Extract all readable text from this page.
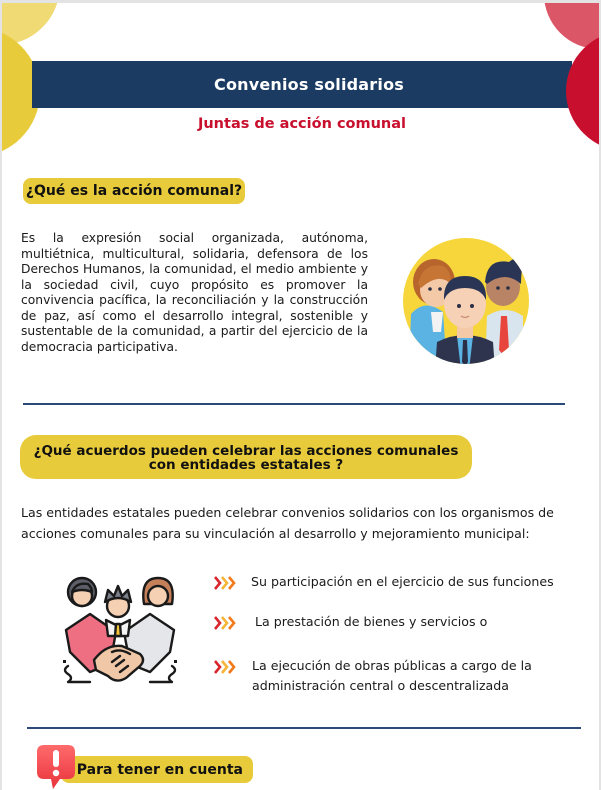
Convenios solidarios
Juntas de acción comunal
¿Qué es la acción comunal?

Es la expresión social organizada, autónoma, multiétnica, multicultural, solidaria, defensora de los Derechos Humanos, la comunidad, el medio ambiente y la sociedad civil, cuyo propósito es promover la convivencia pacífica, la reconciliación y la construcción de paz, así como el desarrollo integral, sostenible y sustentable de la comunidad, a partir del ejercicio de la democracia participativa.

¿Qué acuerdos pueden celebrar las acciones comunales
con entidades estatales ?

Las entidades estatales pueden celebrar convenios solidarios con los organismos de acciones comunales para su vinculación al desarrollo y mejoramiento municipal:

Su participación en el ejercicio de sus funciones
La prestación de bienes y servicios o
La ejecución de obras públicas a cargo de la administración central o descentralizada
Para tener en cuenta
